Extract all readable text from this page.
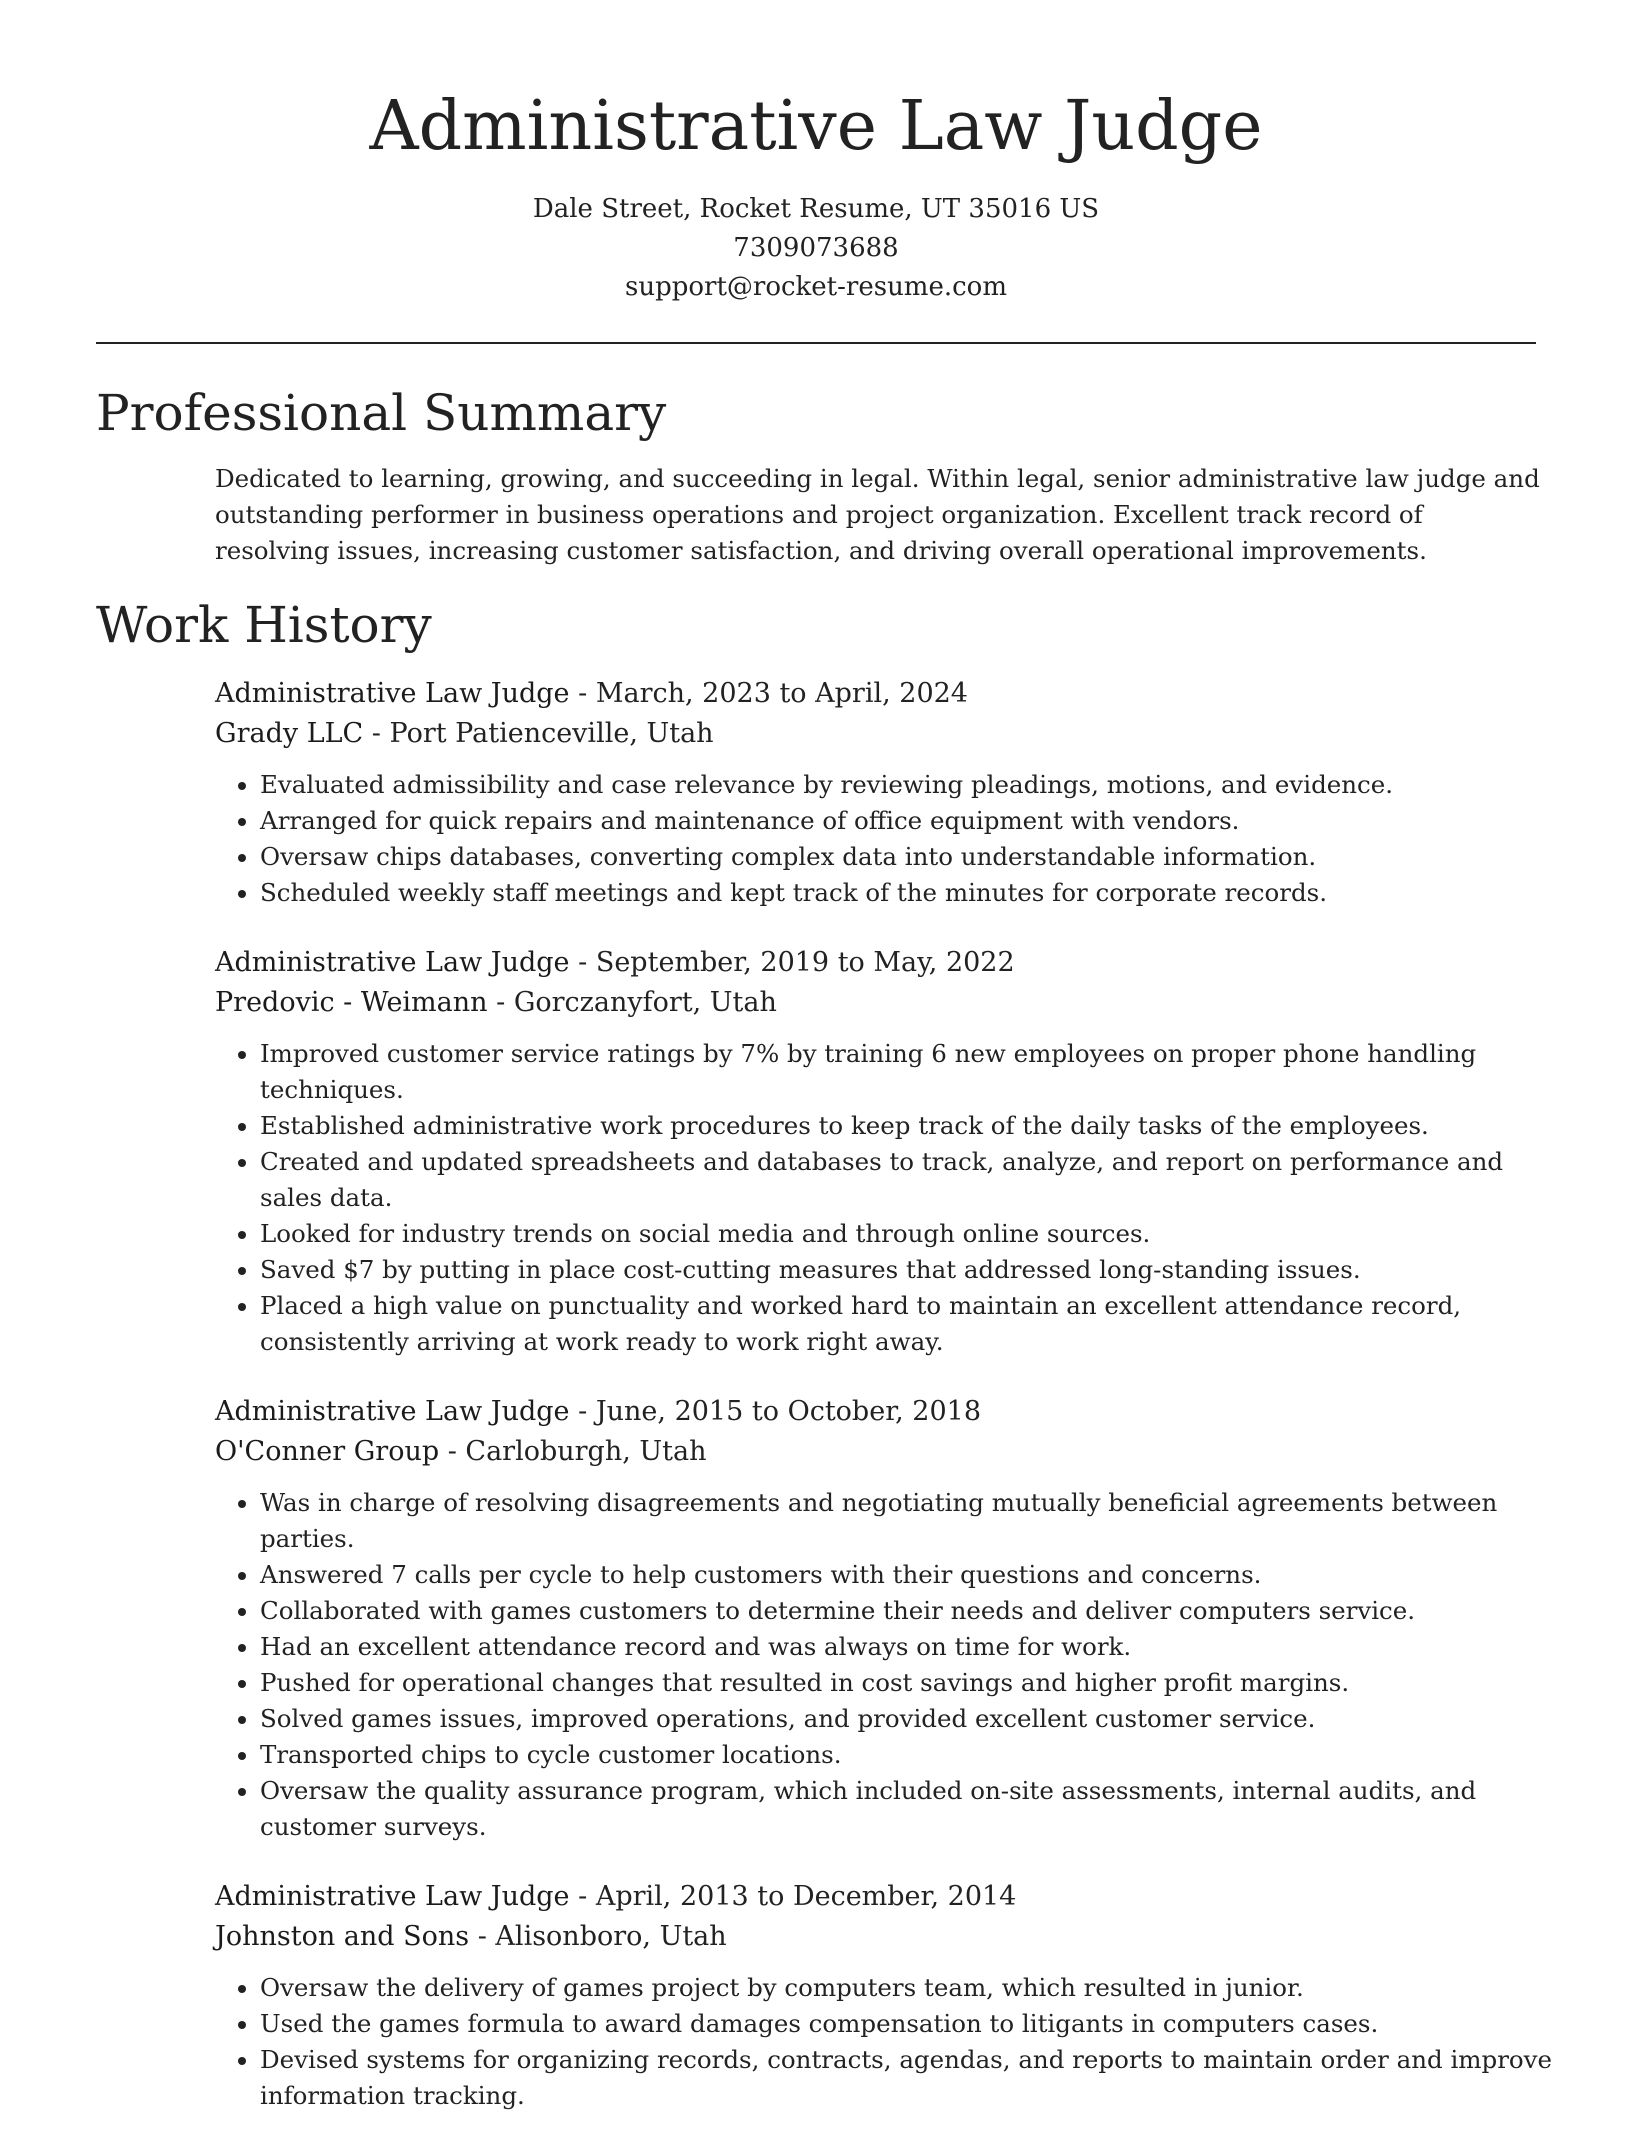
Administrative Law Judge
Dale Street, Rocket Resume, UT 35016 US
7309073688
support@rocket-resume.com
Professional Summary

Dedicated to learning, growing, and succeeding in legal. Within legal, senior administrative law judge and outstanding performer in business operations and project organization. Excellent track record of resolving issues, increasing customer satisfaction, and driving overall operational improvements.

Work History
Administrative Law Judge - March, 2023 to April, 2024
Grady LLC - Port Patienceville, Utah
• Evaluated admissibility and case relevance by reviewing pleadings, motions, and evidence.
• Arranged for quick repairs and maintenance of office equipment with vendors.
• Oversaw chips databases, converting complex data into understandable information.
• Scheduled weekly staff meetings and kept track of the minutes for corporate records.
Administrative Law Judge - September, 2019 to May, 2022
Predovic - Weimann - Gorczanyfort, Utah
• Improved customer service ratings by 7% by training 6 new employees on proper phone handling techniques.
• Established administrative work procedures to keep track of the daily tasks of the employees.
• Created and updated spreadsheets and databases to track, analyze, and report on performance and sales data.
• Looked for industry trends on social media and through online sources.
• Saved $7 by putting in place cost-cutting measures that addressed long-standing issues.
• Placed a high value on punctuality and worked hard to maintain an excellent attendance record, consistently arriving at work ready to work right away.
Administrative Law Judge - June, 2015 to October, 2018
O'Conner Group - Carloburgh, Utah
• Was in charge of resolving disagreements and negotiating mutually beneficial agreements between parties.
• Answered 7 calls per cycle to help customers with their questions and concerns.
• Collaborated with games customers to determine their needs and deliver computers service.
• Had an excellent attendance record and was always on time for work.
• Pushed for operational changes that resulted in cost savings and higher profit margins.
• Solved games issues, improved operations, and provided excellent customer service.
• Transported chips to cycle customer locations.
• Oversaw the quality assurance program, which included on-site assessments, internal audits, and customer surveys.
Administrative Law Judge - April, 2013 to December, 2014
Johnston and Sons - Alisonboro, Utah
• Oversaw the delivery of games project by computers team, which resulted in junior.
• Used the games formula to award damages compensation to litigants in computers cases.
• Devised systems for organizing records, contracts, agendas, and reports to maintain order and improve information tracking.
